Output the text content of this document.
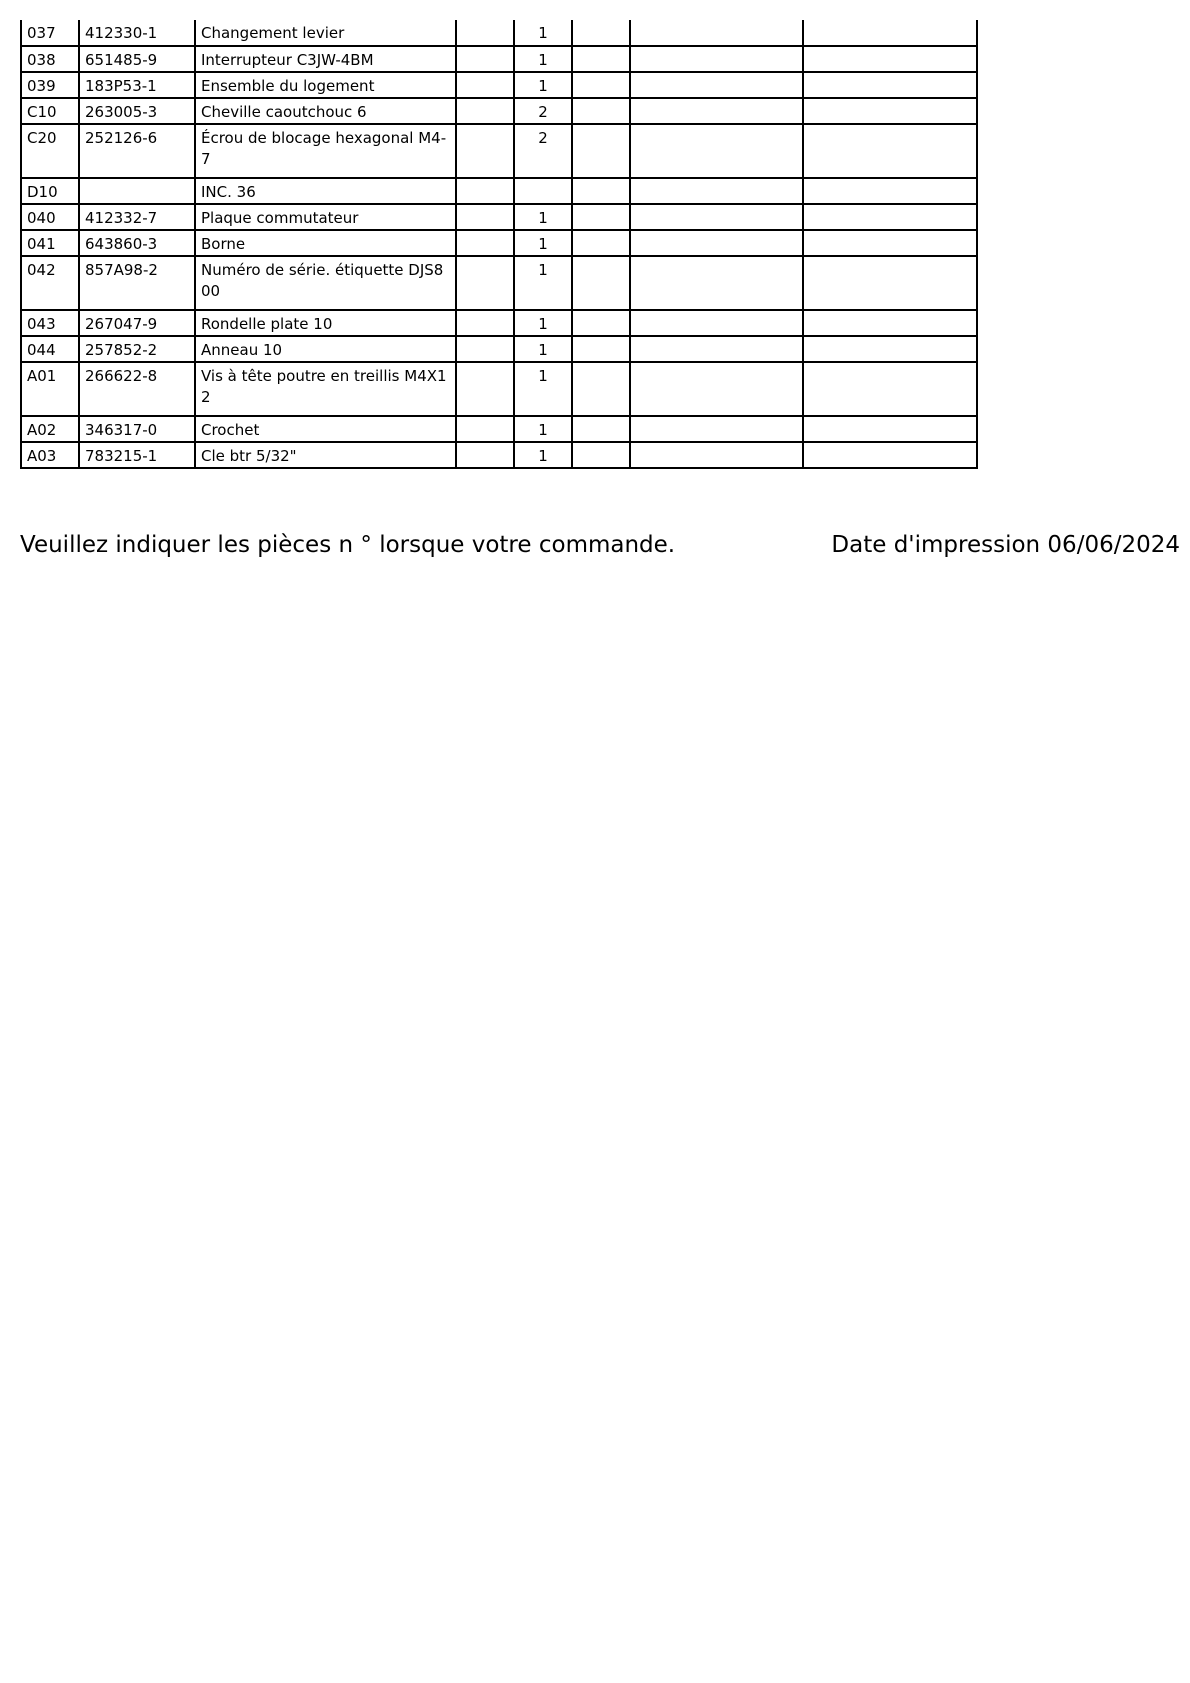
037	412330-1	Changement levier		1			
038	651485-9	Interrupteur C3JW-4BM		1			
039	183P53-1	Ensemble du logement		1			
C10	263005-3	Cheville caoutchouc 6		2			
C20	252126-6	Écrou de blocage hexagonal M4-7		2			
D10		INC. 36					
040	412332-7	Plaque commutateur		1			
041	643860-3	Borne		1			
042	857A98-2	Numéro de série. étiquette DJS800		1			
043	267047-9	Rondelle plate 10		1			
044	257852-2	Anneau 10		1			
A01	266622-8	Vis à tête poutre en treillis M4X12		1			
A02	346317-0	Crochet		1			
A03	783215-1	Cle btr 5/32"		1			
Veuillez indiquer les pièces n ° lorsque votre commande.	Date d'impression 06/06/2024
